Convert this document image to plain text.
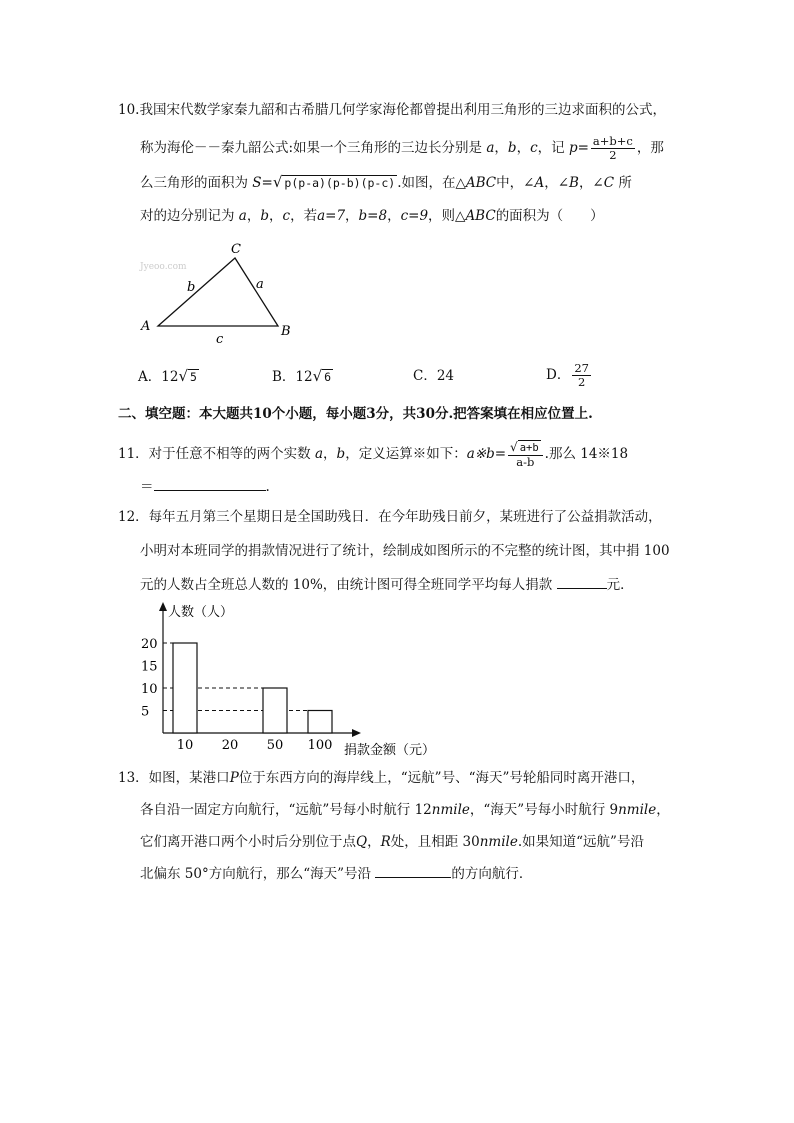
10.我国宋代数学家秦九韶和古希腊几何学家海伦都曾提出利用三角形的三边求面积的公式，
称为海伦－－秦九韶公式:如果一个三角形的三边长分别是 a，b，c，记 $p= \frac{a+b+c}{2}$ ，那
么三角形的面积为 S=√ p(p-a)(p-b)(p-c) .如图，在△ABC中，∠A，∠B，∠C 所
对的边分别记为 a，b，c，若a=7，b=8，c=9，则△ABC的面积为（　　）
Jyeoo.com
A	B
C
b	a
c
A．12√ 5	B．12√ 6	C．24	D． $\frac{27}{2}$
二、填空题：本大题共10个小题，每小题3分，共30分.把答案填在相应位置上.
11．对于任意不相等的两个实数 a，b，定义运算※如下：a※b= $\frac{√ a+b}{a-b}$ .那么 14※18
＝	.
12．每年五月第三个星期日是全国助残日．在今年助残日前夕，某班进行了公益捐款活动，
小明对本班同学的捐款情况进行了统计，绘制成如图所示的不完整的统计图，其中捐 100
元的人数占全班总人数的 10%，由统计图可得全班同学平均每人捐款	元．
人数（人）
捐款金额（元）
20
15
10
5
10 20 50 100
13．如图，某港口P位于东西方向的海岸线上，“远航”号、“海天”号轮船同时离开港口，
各自沿一固定方向航行，“远航”号每小时航行 12nmile，“海天”号每小时航行 9nmile，
它们离开港口两个小时后分别位于点Q，R处，且相距 30nmile.如果知道“远航”号沿
北偏东 50°方向航行，那么“海天”号沿	的方向航行．
